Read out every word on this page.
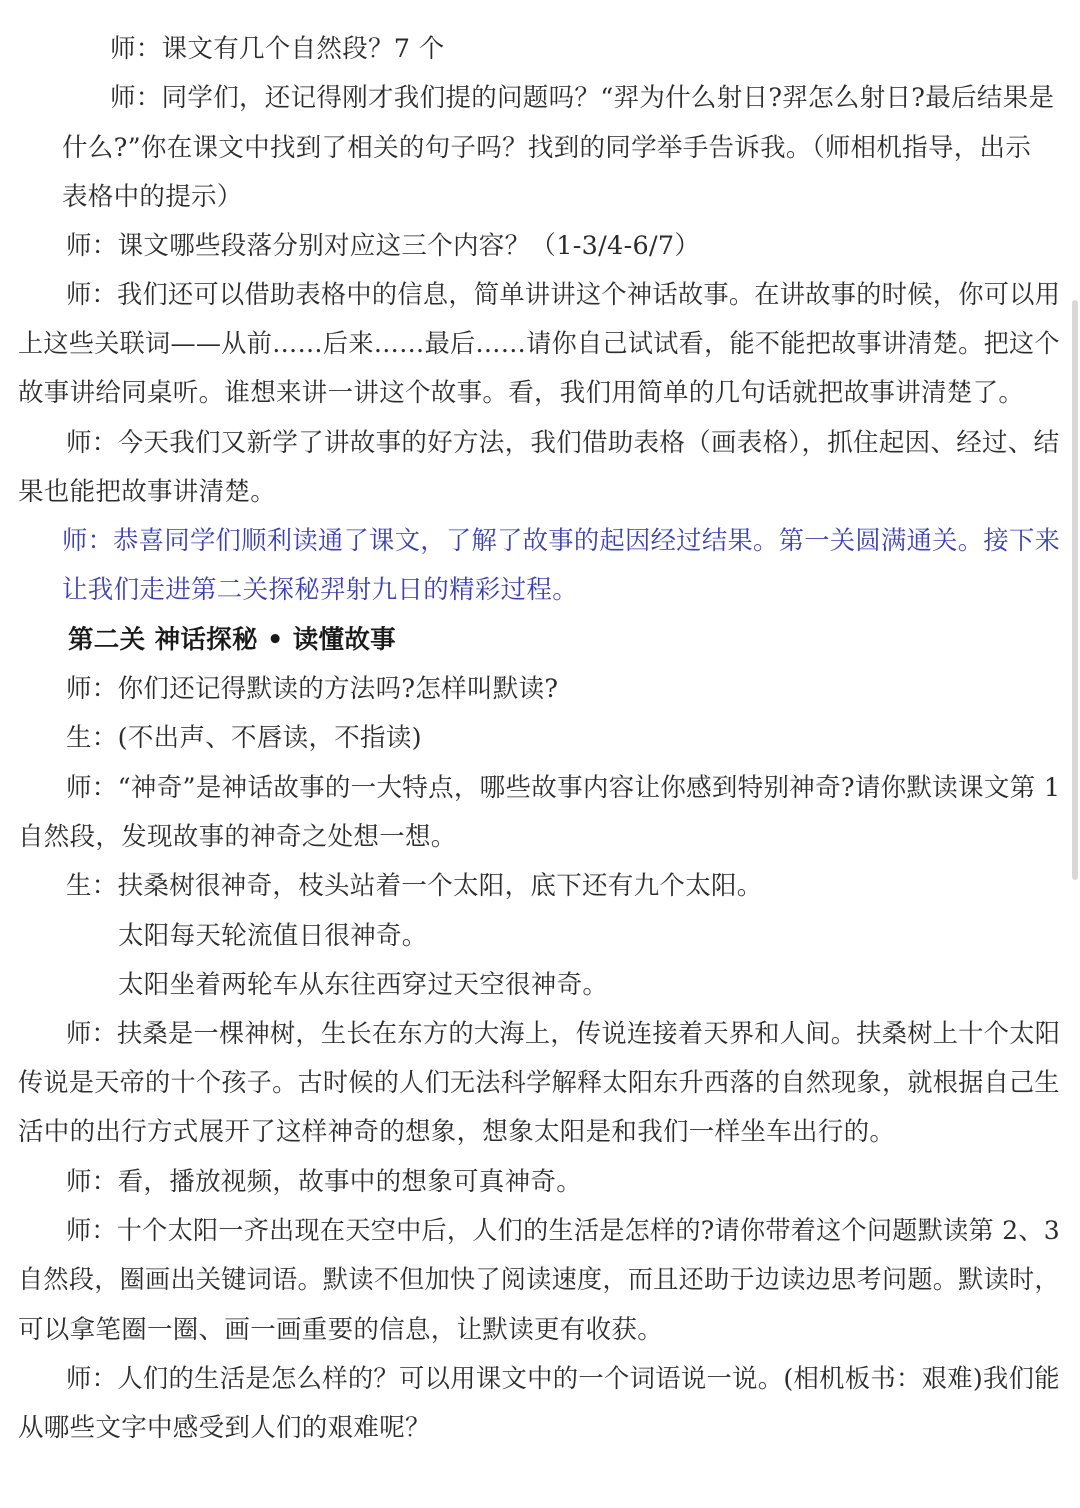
师：课文有几个自然段？7 个
师：同学们，还记得刚才我们提的问题吗？“羿为什么射日?羿怎么射日?最后结果是
什么?”你在课文中找到了相关的句子吗？找到的同学举手告诉我。（师相机指导，出示
表格中的提示）
师：课文哪些段落分别对应这三个内容？（1-3/4-6/7）
师：我们还可以借助表格中的信息，简单讲讲这个神话故事。在讲故事的时候，你可以用
上这些关联词——从前……后来……最后……请你自己试试看，能不能把故事讲清楚。把这个
故事讲给同桌听。谁想来讲一讲这个故事。看，我们用简单的几句话就把故事讲清楚了。
师：今天我们又新学了讲故事的好方法，我们借助表格（画表格），抓住起因、经过、结
果也能把故事讲清楚。
师：恭喜同学们顺利读通了课文，了解了故事的起因经过结果。第一关圆满通关。接下来
让我们走进第二关探秘羿射九日的精彩过程。
第二关 神话探秘 • 读懂故事
师：你们还记得默读的方法吗?怎样叫默读?
生：(不出声、不唇读，不指读)
师：“神奇”是神话故事的一大特点，哪些故事内容让你感到特别神奇?请你默读课文第 1
自然段，发现故事的神奇之处想一想。
生：扶桑树很神奇，枝头站着一个太阳，底下还有九个太阳。
太阳每天轮流值日很神奇。
太阳坐着两轮车从东往西穿过天空很神奇。
师：扶桑是一棵神树，生长在东方的大海上，传说连接着天界和人间。扶桑树上十个太阳
传说是天帝的十个孩子。古时候的人们无法科学解释太阳东升西落的自然现象，就根据自己生
活中的出行方式展开了这样神奇的想象，想象太阳是和我们一样坐车出行的。
师：看，播放视频，故事中的想象可真神奇。
师：十个太阳一齐出现在天空中后，人们的生活是怎样的?请你带着这个问题默读第 2、3
自然段，圈画出关键词语。默读不但加快了阅读速度，而且还助于边读边思考问题。默读时，
可以拿笔圈一圈、画一画重要的信息，让默读更有收获。
师：人们的生活是怎么样的？可以用课文中的一个词语说一说。(相机板书：艰难)我们能
从哪些文字中感受到人们的艰难呢？
